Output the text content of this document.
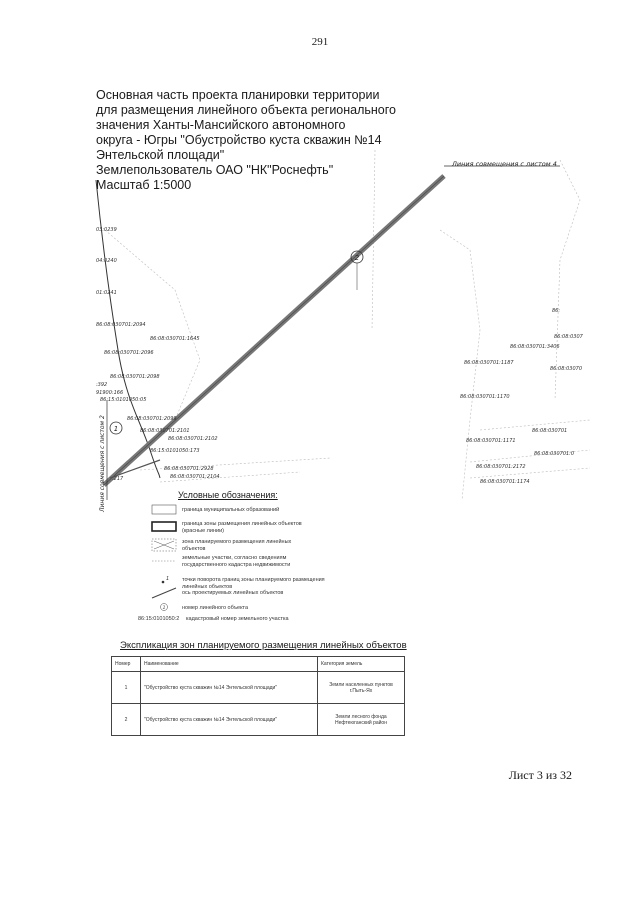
291
Основная часть проекта планировки территории
для размещения линейного объекта регионального
значения Ханты-Мансийского автономного
округа - Югры "Обустройство куста скважин №14
Энтельской площади"
Землепользователь ОАО "НК"Роснефть"
Масштаб 1:5000
Линия совмещения с листом 4
Линия совмещения с листом 2
2
1
03:0239
04:0240
01:0241
86:08:030701:2094
86:08:030701:1645
86:08:030701:2096
86:08:030701:2098
:392
91900:166
86:15:0101050:05
86:08:030701:2099
86:08:030701:2101
86:08:030701:2102
86:15:0101050:173
86:08:030701:2928
86:08:030701:2104
:217
86:08:030701:1187
86:08:030701:1170
86:08:030701:1171
86:08:030701:2172
86:08:030701:1174
86:08:0307
86:08:030701:3406
86:08:03070
86:
86:08:030701
86:08:030701:0
1
1
Условные обозначения:
граница муниципальных образований
граница зоны размещения линейных объектов (красные линии)
зона планируемого размещения линейных объектов
земельные участки, согласно сведениям государственного кадастра недвижимости
точки поворота границ зоны планируемого размещения линейных объектов
ось проектируемых линейных объектов
номер линейного объекта
86:15:0101050:2	кадастровый номер земельного участка
Экспликация зон планируемого размещения линейных объектов
Номер	Наименование	Категория земель
1	"Обустройство куста скважин №14 Энтельской площади"	Земли населенных пунктов г.Пыть-Ях
2	"Обустройство куста скважин №14 Энтельской площади"	Земли лесного фонда Нефтеюганский район
Лист 3 из 32
